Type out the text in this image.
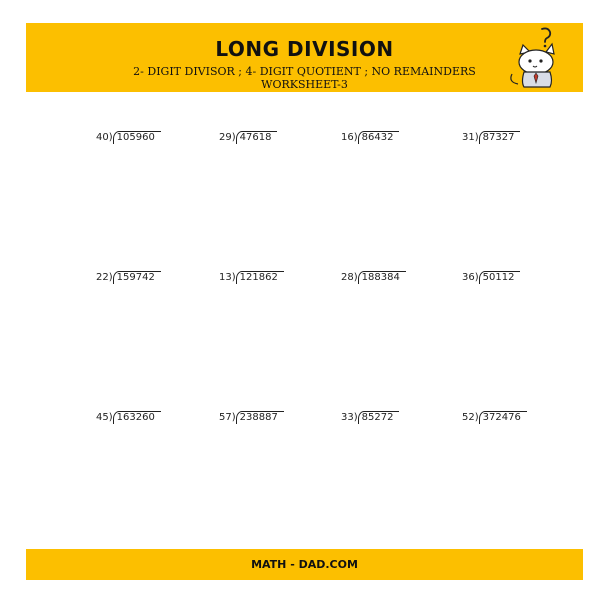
LONG DIVISION
2- DIGIT DIVISOR ; 4- DIGIT QUOTIENT ; NO REMAINDERS
WORKSHEET-3
40) 105960	29) 47618	16) 86432	31) 87327
22) 159742	13) 121862	28) 188384	36) 50112
45) 163260	57) 238887	33) 85272	52) 372476
MATH - DAD.COM
